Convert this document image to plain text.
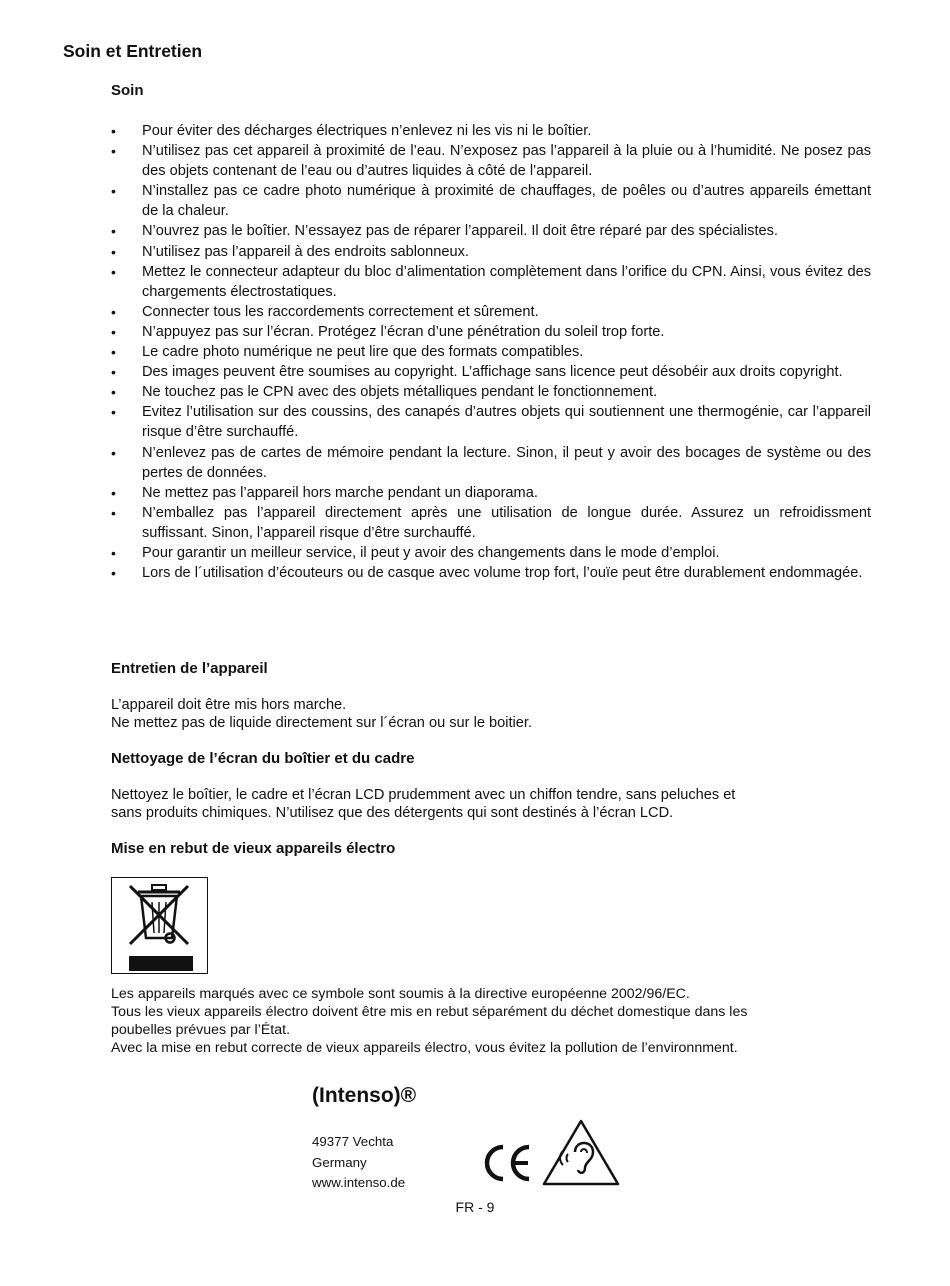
Soin et Entretien
Soin
• Pour éviter des décharges électriques n’enlevez ni les vis ni le boîtier.
• N’utilisez pas cet appareil à proximité de l’eau. N’exposez pas l’appareil à la pluie ou à l’humidité. Ne posez pas des objets contenant de l’eau ou d’autres liquides à côté de l’appareil.
• N’installez pas ce cadre photo numérique à proximité de chauffages, de poêles ou d’autres appareils émettant de la chaleur.
• N’ouvrez pas le boîtier. N’essayez pas de réparer l’appareil. Il doit être réparé par des spécialistes.
• N’utilisez pas l’appareil à des endroits sablonneux.
• Mettez le connecteur adapteur du bloc d’alimentation complètement dans l’orifice du CPN. Ainsi, vous évitez des chargements électrostatiques.
• Connecter tous les raccordements correctement et sûrement.
• N’appuyez pas sur l’écran. Protégez l’écran d’une pénétration du soleil trop forte.
• Le cadre photo numérique ne peut lire que des formats compatibles.
• Des images peuvent être soumises au copyright. L’affichage sans licence peut désobéir aux droits copyright.
• Ne touchez pas le CPN avec des objets métalliques pendant le fonctionnement.
• Evitez l’utilisation sur des coussins, des canapés d’autres objets qui soutiennent une thermogénie, car l’appareil risque d’être surchauffé.
• N’enlevez pas de cartes de mémoire pendant la lecture. Sinon, il peut y avoir des bocages de système ou des pertes de données.
• Ne mettez pas l’appareil hors marche pendant un diaporama.
• N’emballez pas l’appareil directement après une utilisation de longue durée. Assurez un refroidissment suffissant. Sinon, l’appareil risque d’être surchauffé.
• Pour garantir un meilleur service, il peut y avoir des changements dans le mode d’emploi.
• Lors de l´utilisation d’écouteurs ou de casque avec volume trop fort, l’ouïe peut être durablement endommagée.
Entretien de l’appareil
L’appareil doit être mis hors marche.
Ne mettez pas de liquide directement sur l´écran ou sur le boitier.
Nettoyage de l’écran du boîtier et du cadre
Nettoyez le boîtier, le cadre et l’écran LCD prudemment avec un chiffon tendre, sans peluches et
sans produits chimiques. N’utilisez que des détergents qui sont destinés à l’écran LCD.
Mise en rebut de vieux appareils électro
Les appareils marqués avec ce symbole sont soumis à la directive européenne 2002/96/EC.
Tous les vieux appareils électro doivent être mis en rebut séparément du déchet domestique dans les
poubelles prévues par l’État.
Avec la mise en rebut correcte de vieux appareils électro, vous évitez la pollution de l’environnment.
(Intenso)®
49377 Vechta
Germany
www.intenso.de
FR - 9
